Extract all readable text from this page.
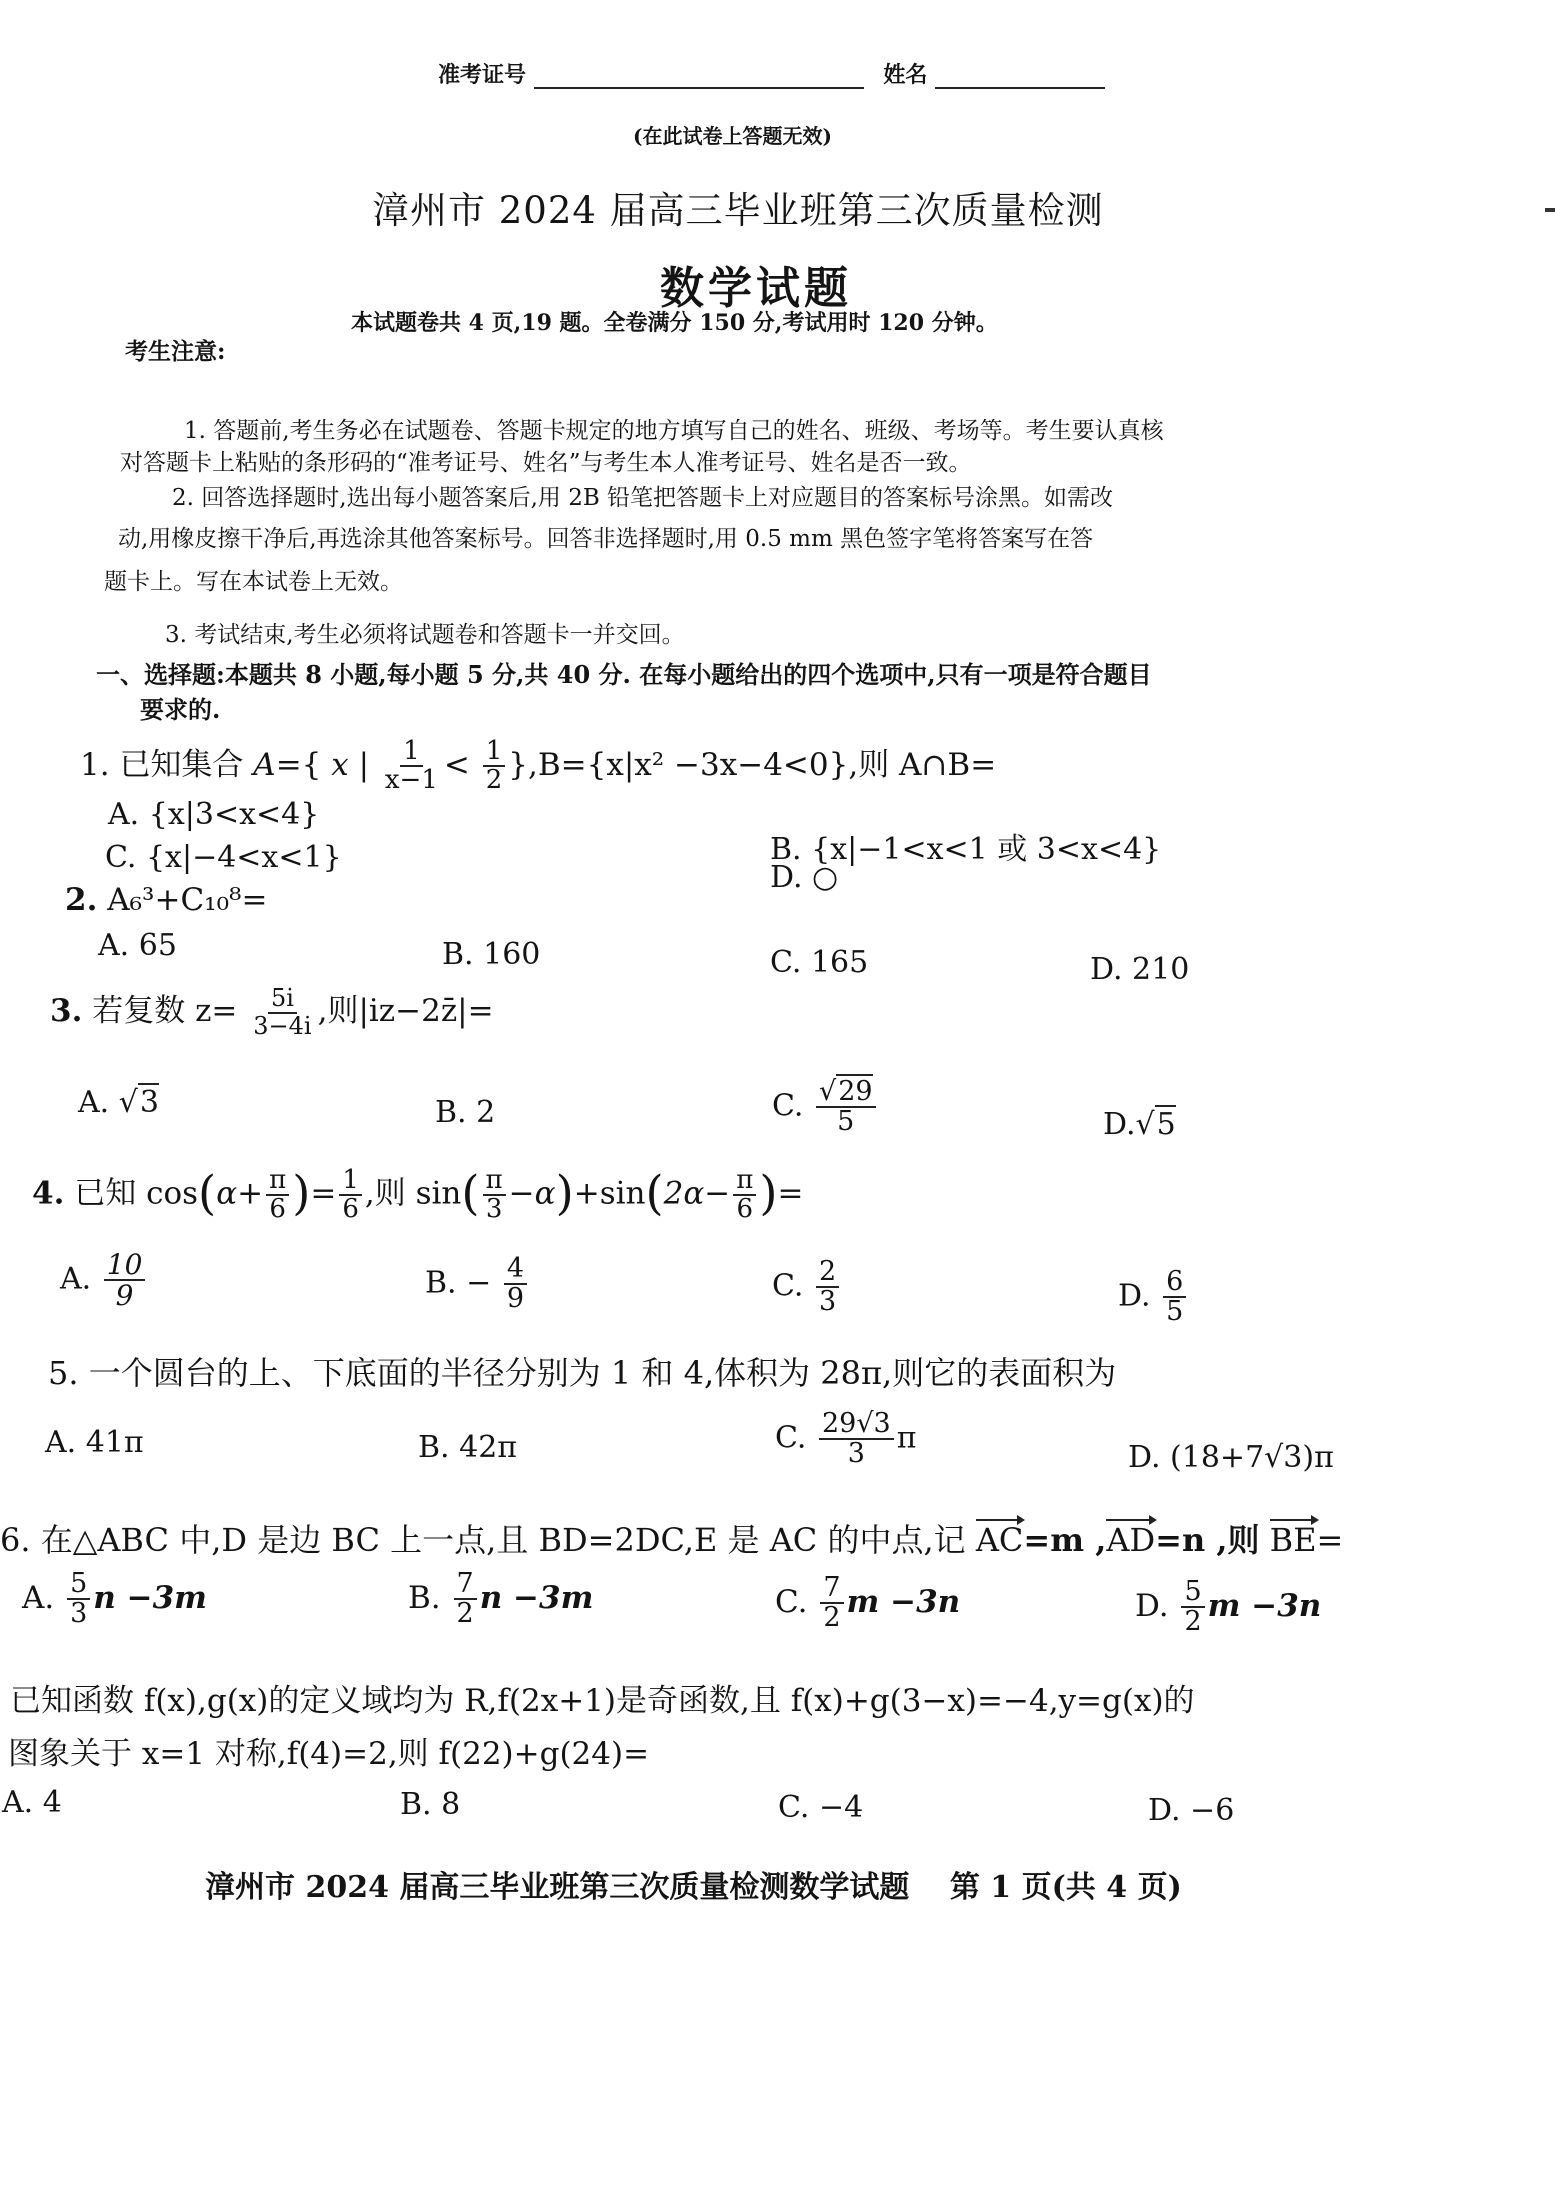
准考证号	姓名
(在此试卷上答题无效)
漳州市 2024 届高三毕业班第三次质量检测
数学试题
本试题卷共 4 页,19 题。全卷满分 150 分,考试用时 120 分钟。
考生注意:
1. 答题前,考生务必在试题卷、答题卡规定的地方填写自己的姓名、班级、考场等。考生要认真核
对答题卡上粘贴的条形码的“准考证号、姓名”与考生本人准考证号、姓名是否一致。
2. 回答选择题时,选出每小题答案后,用 2B 铅笔把答题卡上对应题目的答案标号涂黑。如需改
动,用橡皮擦干净后,再选涂其他答案标号。回答非选择题时,用 0.5 mm 黑色签字笔将答案写在答
题卡上。写在本试卷上无效。
3. 考试结束,考生必须将试题卷和答题卡一并交回。
一、选择题:本题共 8 小题,每小题 5 分,共 40 分. 在每小题给出的四个选项中,只有一项是符合题目
要求的.
1. 已知集合 A={ x | $\frac{1}{x-1} < \frac{1}{2} \},B=\{x|x^2 -3x-4<0\}$,则 A∩B=
A. {x|3<x<4}
B. {x|−1<x<1 或 3<x<4}
C. {x|−4<x<1}
D. ○
2. A₆³+C₁₀⁸=
A. 65	B. 160	C. 165	D. 210
3. 若复数 $z= \frac{5i}{3-4i}$ ,则|iz−2z̄|=
A. √3	B. 2	C. $\frac{√29}{5}$	D.√5
4. 已知 $\cos(\alpha+ \frac{\pi}{6}$ )= $\frac{1}{6}$ ,则 $\sin( \frac{\pi}{3} -\alpha)+\sin(2\alpha- \frac{\pi}{6}$ )=
A. $\frac{10}{9}$	B. − $\frac{4}{9}$	C. $\frac{2}{3}$	D. $\frac{6}{5}$
5. 一个圆台的上、下底面的半径分别为 1 和 4,体积为 28π,则它的表面积为
A. 41π	B. 42π	C. $\frac{29√3}{3}$ π
D. (18+7√3)π
6. 在△ABC 中,D 是边 BC 上一点,且 BD=2DC,E 是 AC 的中点,记 AC=m ,AD=n ,则 BE=
A. $\frac{5}{3}$ n −3m	B. $\frac{7}{2}$ n −3m	C. $\frac{7}{2}$ m −3n	D. $\frac{5}{2}$ m −3n
已知函数 f(x),g(x)的定义域均为 R,f(2x+1)是奇函数,且 f(x)+g(3−x)=−4,y=g(x)的
图象关于 x=1 对称,f(4)=2,则 f(22)+g(24)=
A. 4	B. 8	C. −4	D. −6
漳州市 2024 届高三毕业班第三次质量检测数学试题 第 1 页(共 4 页)
